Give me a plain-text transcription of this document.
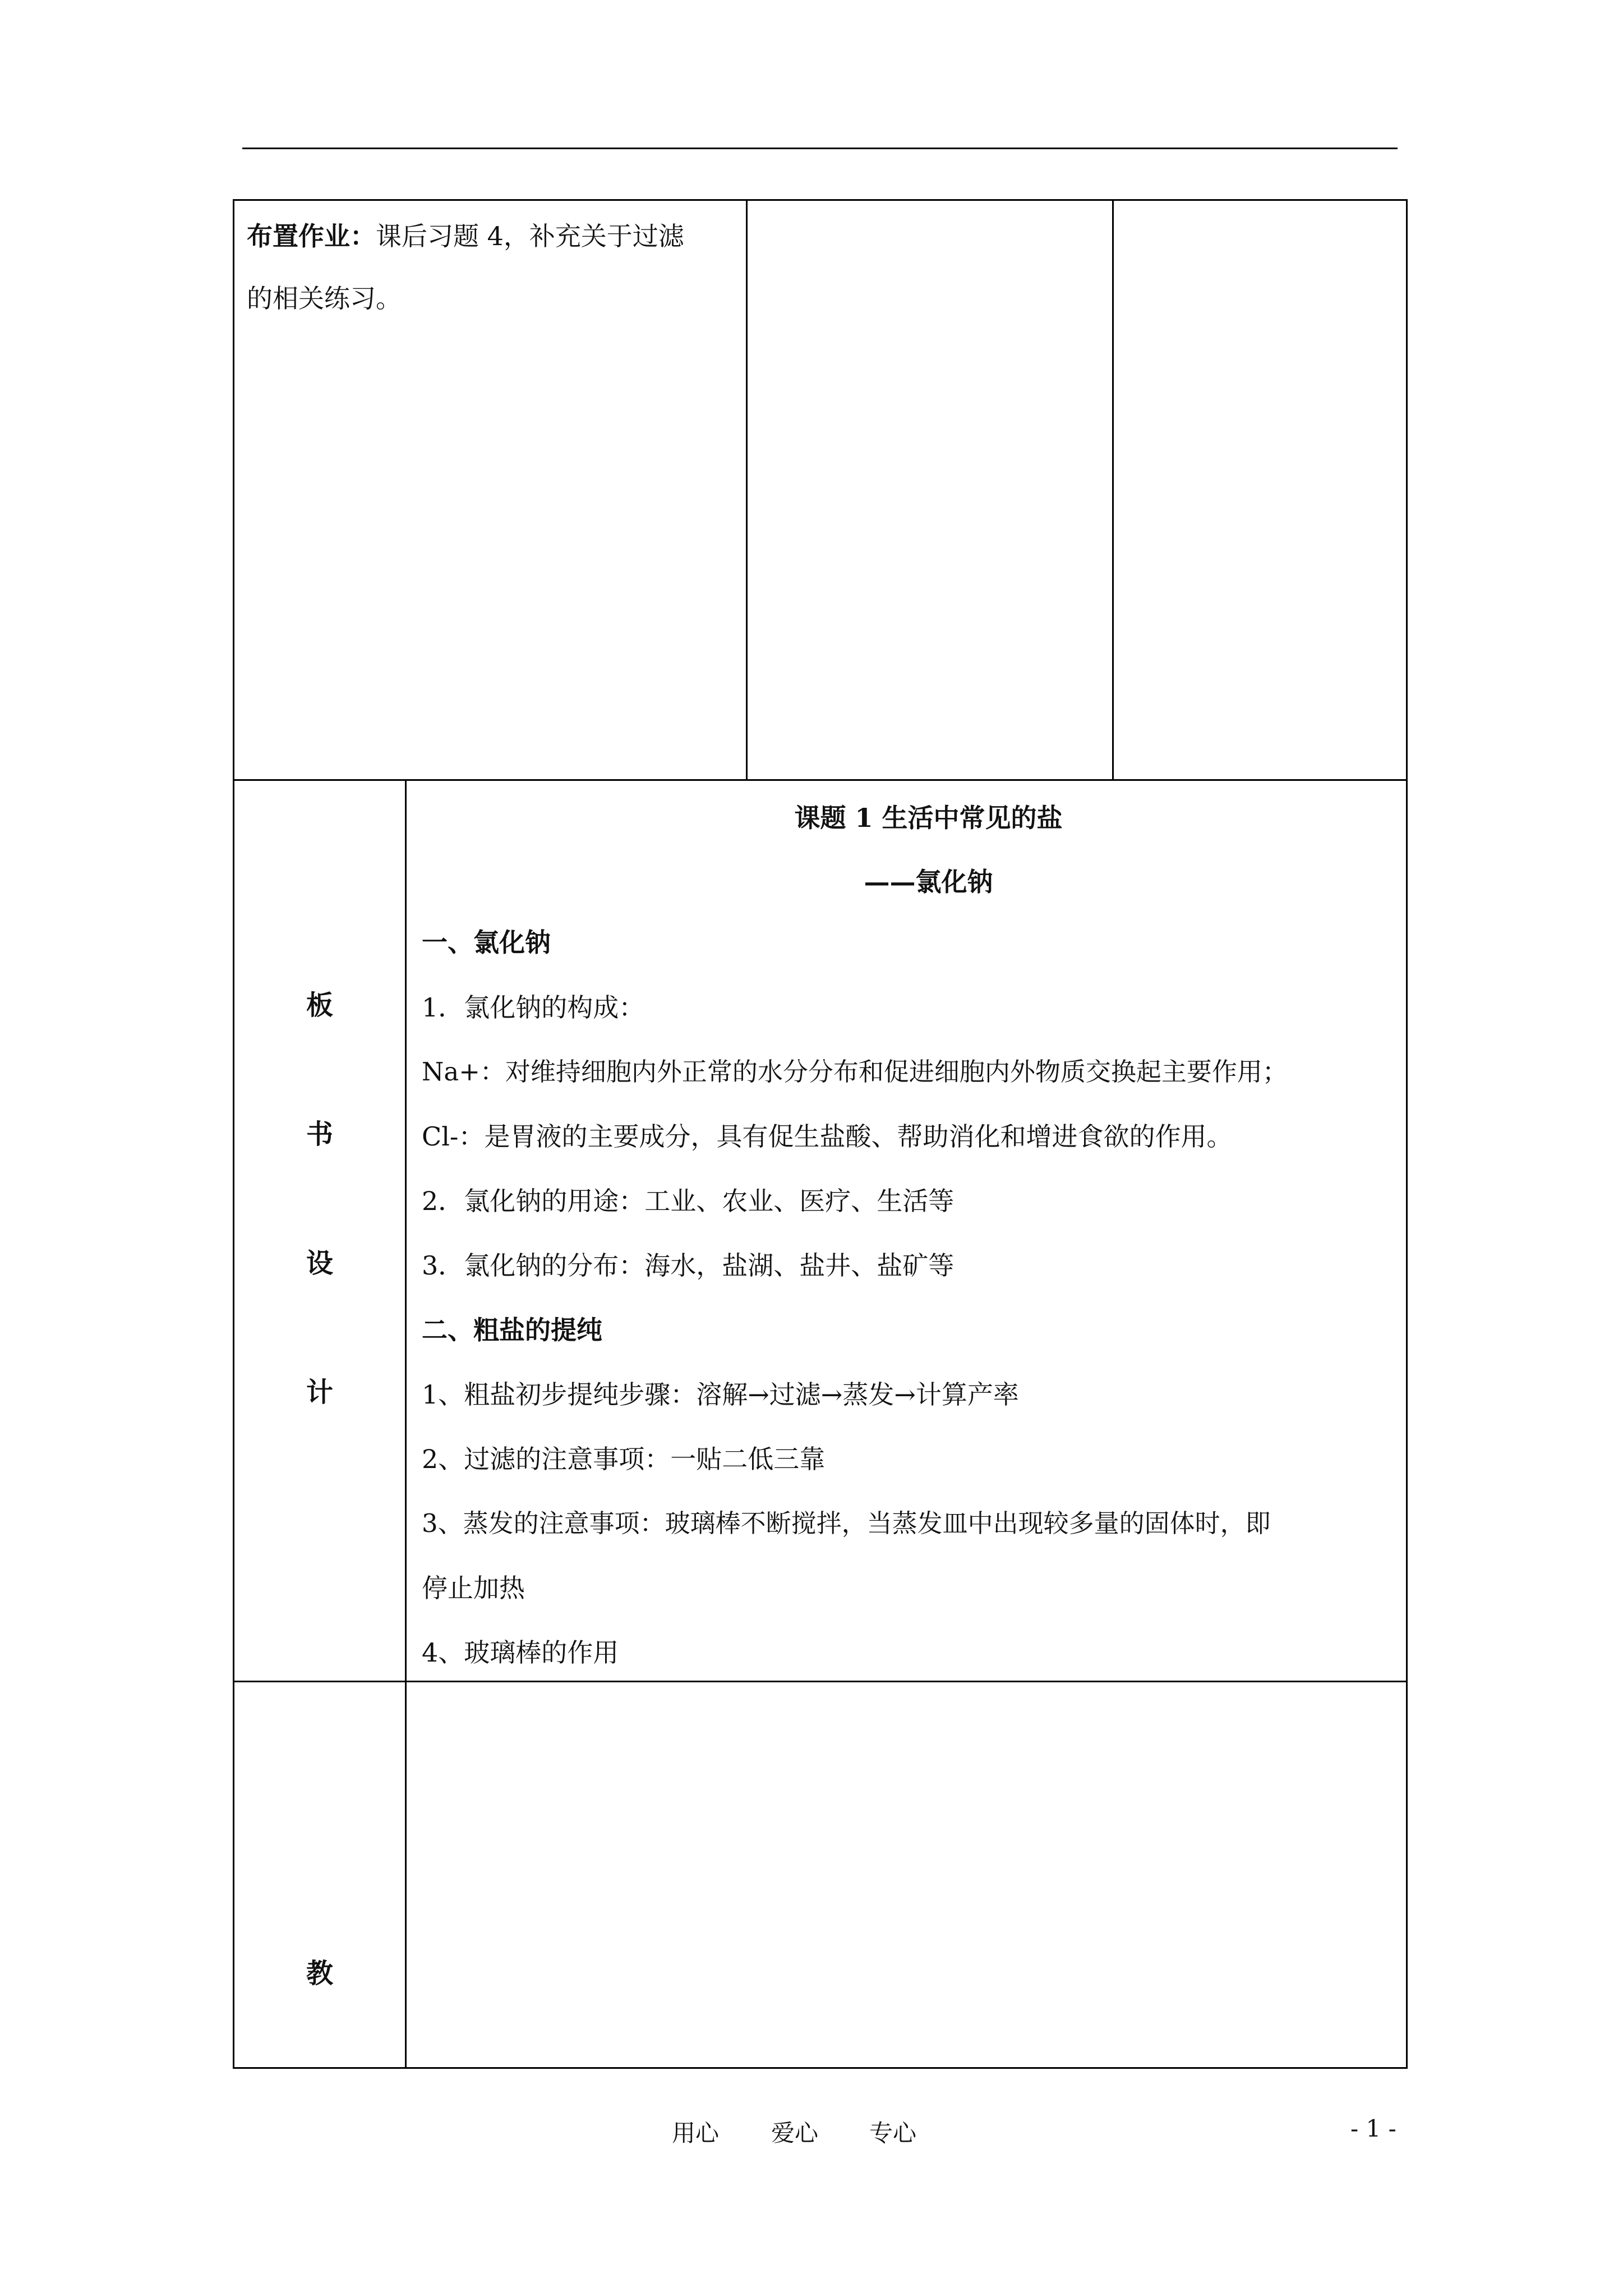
布置作业：课后习题 4，补充关于过滤
的相关练习。
板
书
设
计
课题 1 生活中常见的盐
——氯化钠
一、氯化钠
1．氯化钠的构成：
Na+：对维持细胞内外正常的水分分布和促进细胞内外物质交换起主要作用；
Cl-：是胃液的主要成分，具有促生盐酸、帮助消化和增进食欲的作用。
2．氯化钠的用途：工业、农业、医疗、生活等
3．氯化钠的分布：海水，盐湖、盐井、盐矿等
二、粗盐的提纯
1、粗盐初步提纯步骤：溶解→过滤→蒸发→计算产率
2、过滤的注意事项：一贴二低三靠
3、蒸发的注意事项：玻璃棒不断搅拌，当蒸发皿中出现较多量的固体时，即
停止加热
4、玻璃棒的作用
教
用心 爱心 专心	- 1 -
